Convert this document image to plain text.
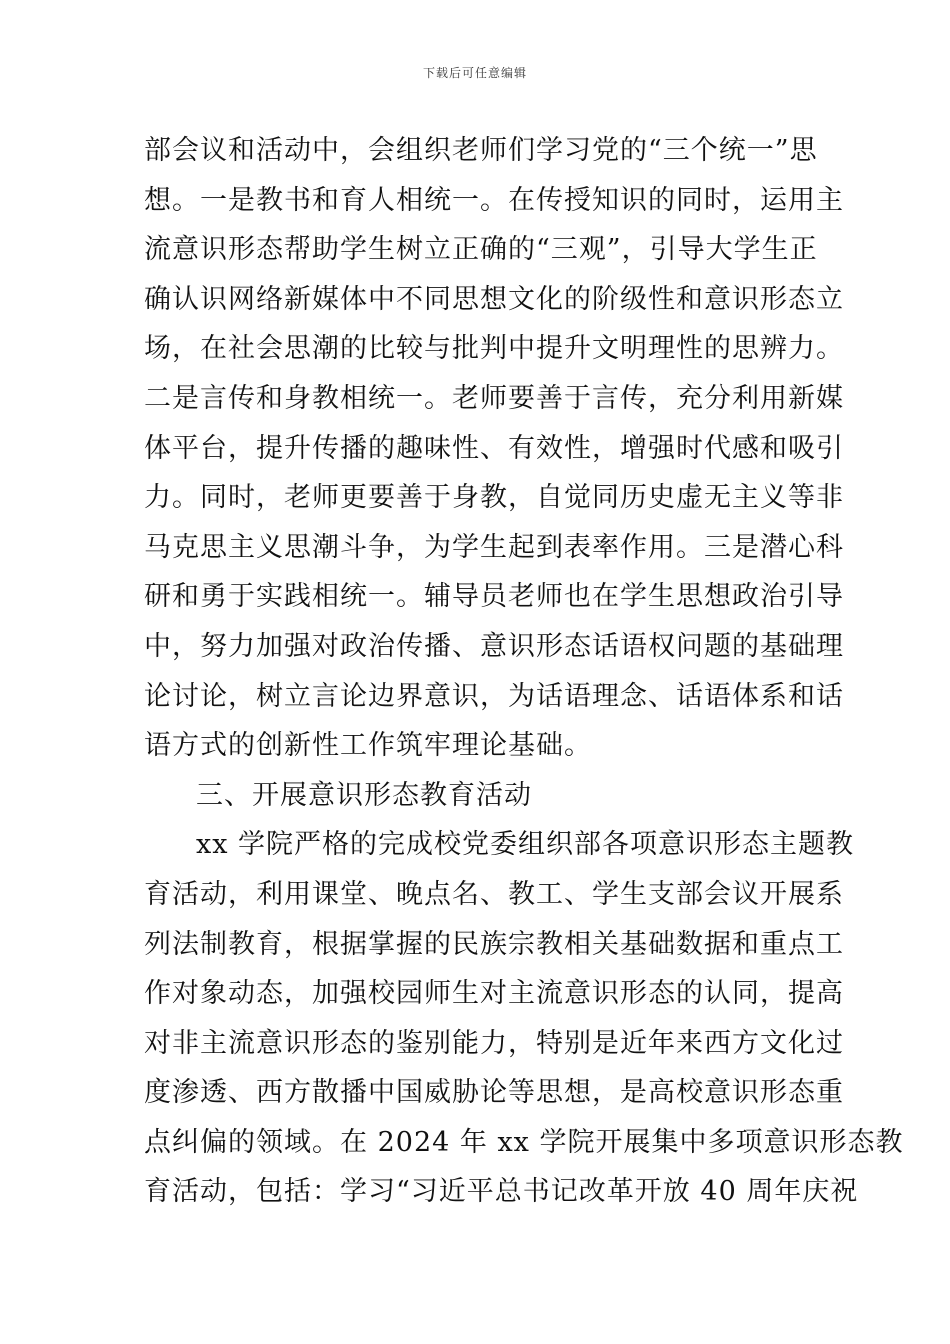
下载后可任意编辑
部会议和活动中，会组织老师们学习党的“三个统一”思
想。一是教书和育人相统一。在传授知识的同时，运用主
流意识形态帮助学生树立正确的“三观”，引导大学生正
确认识网络新媒体中不同思想文化的阶级性和意识形态立
场，在社会思潮的比较与批判中提升文明理性的思辨力。
二是言传和身教相统一。老师要善于言传，充分利用新媒
体平台，提升传播的趣味性、有效性，增强时代感和吸引
力。同时，老师更要善于身教，自觉同历史虚无主义等非
马克思主义思潮斗争，为学生起到表率作用。三是潜心科
研和勇于实践相统一。辅导员老师也在学生思想政治引导
中，努力加强对政治传播、意识形态话语权问题的基础理
论讨论，树立言论边界意识，为话语理念、话语体系和话
语方式的创新性工作筑牢理论基础。
三、开展意识形态教育活动
xx 学院严格的完成校党委组织部各项意识形态主题教
育活动，利用课堂、晚点名、教工、学生支部会议开展系
列法制教育，根据掌握的民族宗教相关基础数据和重点工
作对象动态，加强校园师生对主流意识形态的认同，提高
对非主流意识形态的鉴别能力，特别是近年来西方文化过
度渗透、西方散播中国威胁论等思想，是高校意识形态重
点纠偏的领域。在 2024 年 xx 学院开展集中多项意识形态教
育活动，包括：学习“习近平总书记改革开放 40 周年庆祝
